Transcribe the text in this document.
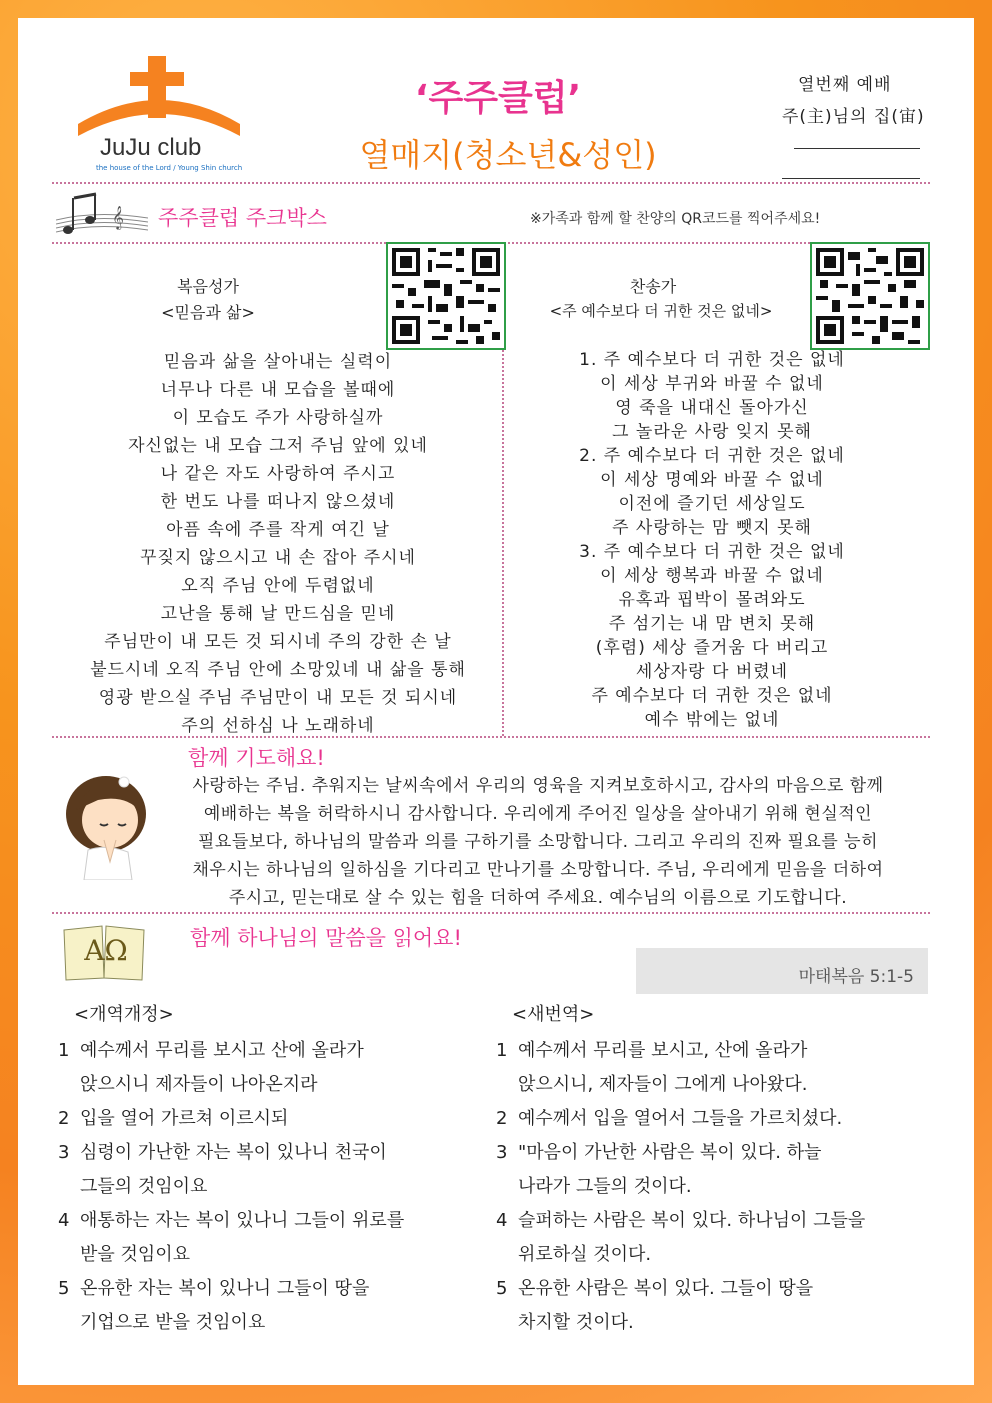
JuJu club
the house of the Lord / Young Shin church
‘주주클럽’
열매지(청소년&성인)
열번째 예배
주(主)님의 집(宙)
𝄞 주주클럽 주크박스	※가족과 함께 할 찬양의 QR코드를 찍어주세요!
복음성가
<믿음과 삶>
믿음과 삶을 살아내는 실력이
너무나 다른 내 모습을 볼때에
이 모습도 주가 사랑하실까
자신없는 내 모습 그저 주님 앞에 있네
나 같은 자도 사랑하여 주시고
한 번도 나를 떠나지 않으셨네
아픔 속에 주를 작게 여긴 날
꾸짖지 않으시고 내 손 잡아 주시네
오직 주님 안에 두렴없네
고난을 통해 날 만드심을 믿네
주님만이 내 모든 것 되시네 주의 강한 손 날
붙드시네 오직 주님 안에 소망있네 내 삶을 통해
영광 받으실 주님 주님만이 내 모든 것 되시네
주의 선하심 나 노래하네
찬송가
<주 예수보다 더 귀한 것은 없네>
1. 주 예수보다 더 귀한 것은 없네
이 세상 부귀와 바꿀 수 없네
영 죽을 내대신 돌아가신
그 놀라운 사랑 잊지 못해
2. 주 예수보다 더 귀한 것은 없네
이 세상 명예와 바꿀 수 없네
이전에 즐기던 세상일도
주 사랑하는 맘 뺏지 못해
3. 주 예수보다 더 귀한 것은 없네
이 세상 행복과 바꿀 수 없네
유혹과 핍박이 몰려와도
주 섬기는 내 맘 변치 못해
(후렴) 세상 즐거움 다 버리고
세상자랑 다 버렸네
주 예수보다 더 귀한 것은 없네
예수 밖에는 없네
함께 기도해요!
사랑하는 주님. 추워지는 날씨속에서 우리의 영육을 지켜보호하시고, 감사의 마음으로 함께
예배하는 복을 허락하시니 감사합니다. 우리에게 주어진 일상을 살아내기 위해 현실적인
필요들보다, 하나님의 말씀과 의를 구하기를 소망합니다. 그리고 우리의 진짜 필요를 능히
채우시는 하나님의 일하심을 기다리고 만나기를 소망합니다. 주님, 우리에게 믿음을 더하여
주시고, 믿는대로 살 수 있는 힘을 더하여 주세요. 예수님의 이름으로 기도합니다.
AΩ	함께 하나님의 말씀을 읽어요!
마태복음 5:1-5
<개역개정>	<새번역>
1 예수께서 무리를 보시고 산에 올라가
앉으시니 제자들이 나아온지라
2 입을 열어 가르쳐 이르시되
3 심령이 가난한 자는 복이 있나니 천국이
그들의 것임이요
4 애통하는 자는 복이 있나니 그들이 위로를
받을 것임이요
5 온유한 자는 복이 있나니 그들이 땅을
기업으로 받을 것임이요
1 예수께서 무리를 보시고, 산에 올라가
앉으시니, 제자들이 그에게 나아왔다.
2 예수께서 입을 열어서 그들을 가르치셨다.
3 "마음이 가난한 사람은 복이 있다. 하늘
나라가 그들의 것이다.
4 슬퍼하는 사람은 복이 있다. 하나님이 그들을
위로하실 것이다.
5 온유한 사람은 복이 있다. 그들이 땅을
차지할 것이다.
